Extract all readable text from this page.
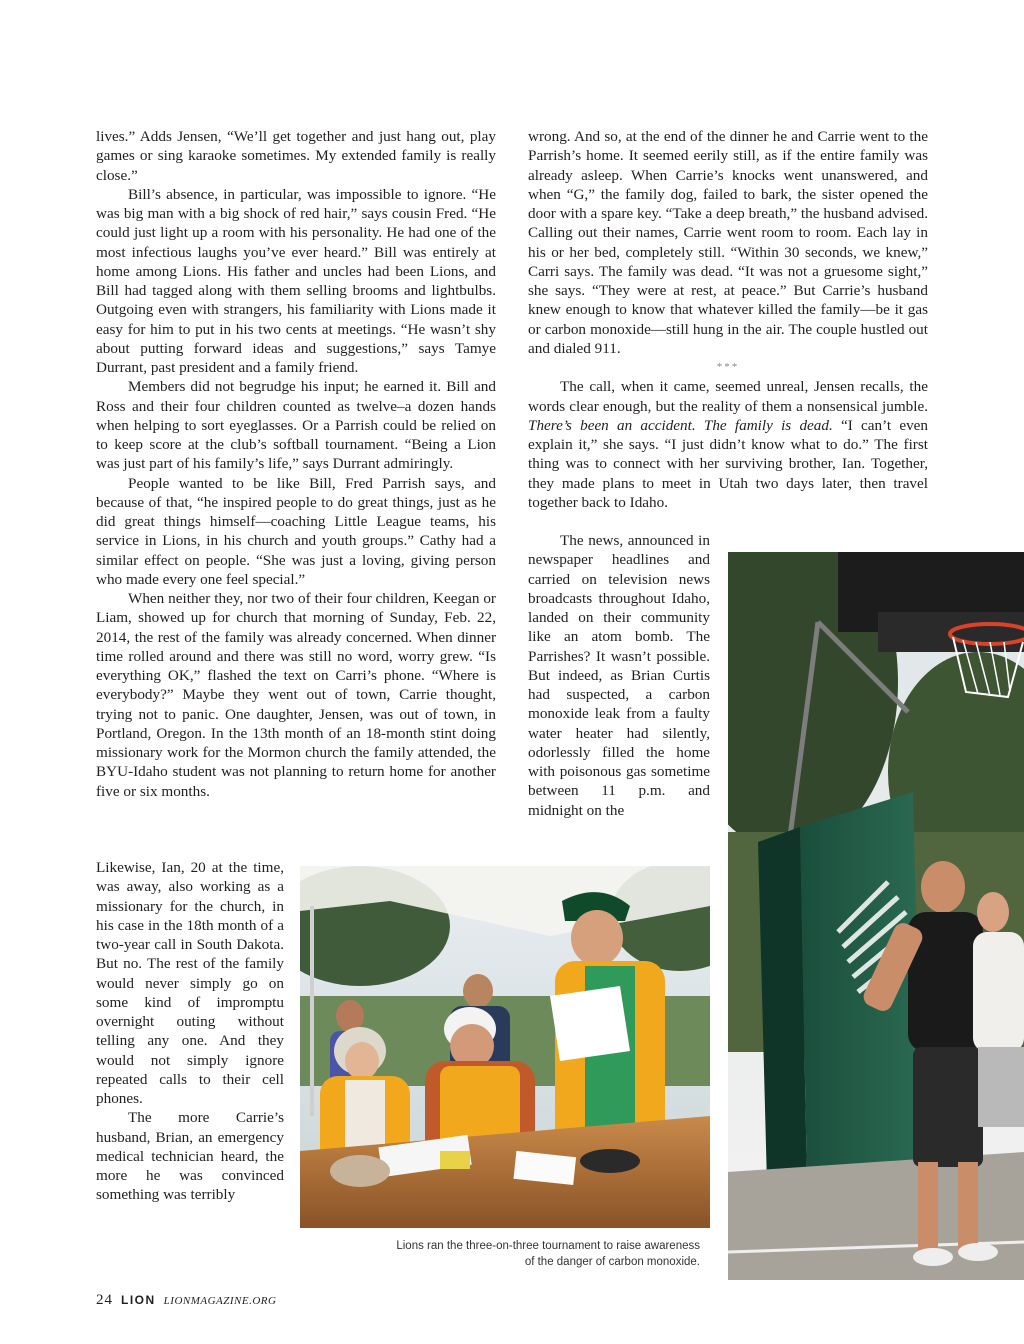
lives.” Adds Jensen, “We’ll get together and just hang out, play games or sing karaoke sometimes. My extended family is really close.”

Bill’s absence, in particular, was impossible to ignore. “He was big man with a big shock of red hair,” says cousin Fred. “He could just light up a room with his personality. He had one of the most infectious laughs you’ve ever heard.” Bill was entirely at home among Lions. His father and uncles had been Lions, and Bill had tagged along with them selling brooms and lightbulbs. Outgoing even with strangers, his familiarity with Lions made it easy for him to put in his two cents at meetings. “He wasn’t shy about putting forward ideas and suggestions,” says Tamye Durrant, past president and a family friend.

Members did not begrudge his input; he earned it. Bill and Ross and their four children counted as twelve–a dozen hands when helping to sort eyeglasses. Or a Parrish could be relied on to keep score at the club’s softball tournament. “Being a Lion was just part of his family’s life,” says Durrant admiringly.

People wanted to be like Bill, Fred Parrish says, and because of that, “he inspired people to do great things, just as he did great things himself—coaching Little League teams, his service in Lions, in his church and youth groups.” Cathy had a similar effect on people. “She was just a loving, giving person who made every one feel special.”

When neither they, nor two of their four children, Keegan or Liam, showed up for church that morning of Sunday, Feb. 22, 2014, the rest of the family was already concerned. When dinner time rolled around and there was still no word, worry grew. “Is everything OK,” flashed the text on Carri’s phone. “Where is everybody?” Maybe they went out of town, Carrie thought, trying not to panic. One daughter, Jensen, was out of town, in Portland, Oregon. In the 13th month of an 18-month stint doing missionary work for the Mormon church the family attended, the BYU-Idaho student was not planning to return home for another five or six months.

Likewise, Ian, 20 at the time, was away, also working as a missionary for the church, in his case in the 18th month of a two-year call in South Dakota. But no. The rest of the family would never simply go on some kind of impromptu overnight outing without telling any one. And they would not simply ignore repeated calls to their cell phones.

The more Carrie’s husband, Brian, an emergency medical technician heard, the more he was convinced something was terribly

wrong. And so, at the end of the dinner he and Carrie went to the Parrish’s home. It seemed eerily still, as if the entire family was already asleep. When Carrie’s knocks went unanswered, and when “G,” the family dog, failed to bark, the sister opened the door with a spare key. “Take a deep breath,” the husband advised. Calling out their names, Carrie went room to room. Each lay in his or her bed, completely still. “Within 30 seconds, we knew,” Carri says. The family was dead. “It was not a gruesome sight,” she says. “They were at rest, at peace.” But Carrie’s husband knew enough to know that whatever killed the family—be it gas or carbon monoxide—still hung in the air. The couple hustled out and dialed 911.

***

The call, when it came, seemed unreal, Jensen recalls, the words clear enough, but the reality of them a nonsensical jumble. There’s been an accident. The family is dead. “I can’t even explain it,” she says. “I just didn’t know what to do.” The first thing was to connect with her surviving brother, Ian. Together, they made plans to meet in Utah two days later, then travel together back to Idaho.

The news, announced in newspaper headlines and carried on television news broadcasts throughout Idaho, landed on their community like an atom bomb. The Parrishes? It wasn’t possible. But indeed, as Brian Curtis had suspected, a carbon monoxide leak from a faulty water heater had silently, odorlessly filled the home with poisonous gas sometime between 11 p.m. and midnight on the

Lions ran the three-on-three tournament to raise awareness
of the danger of carbon monoxide.
24 LION LIONMAGAZINE.ORG
